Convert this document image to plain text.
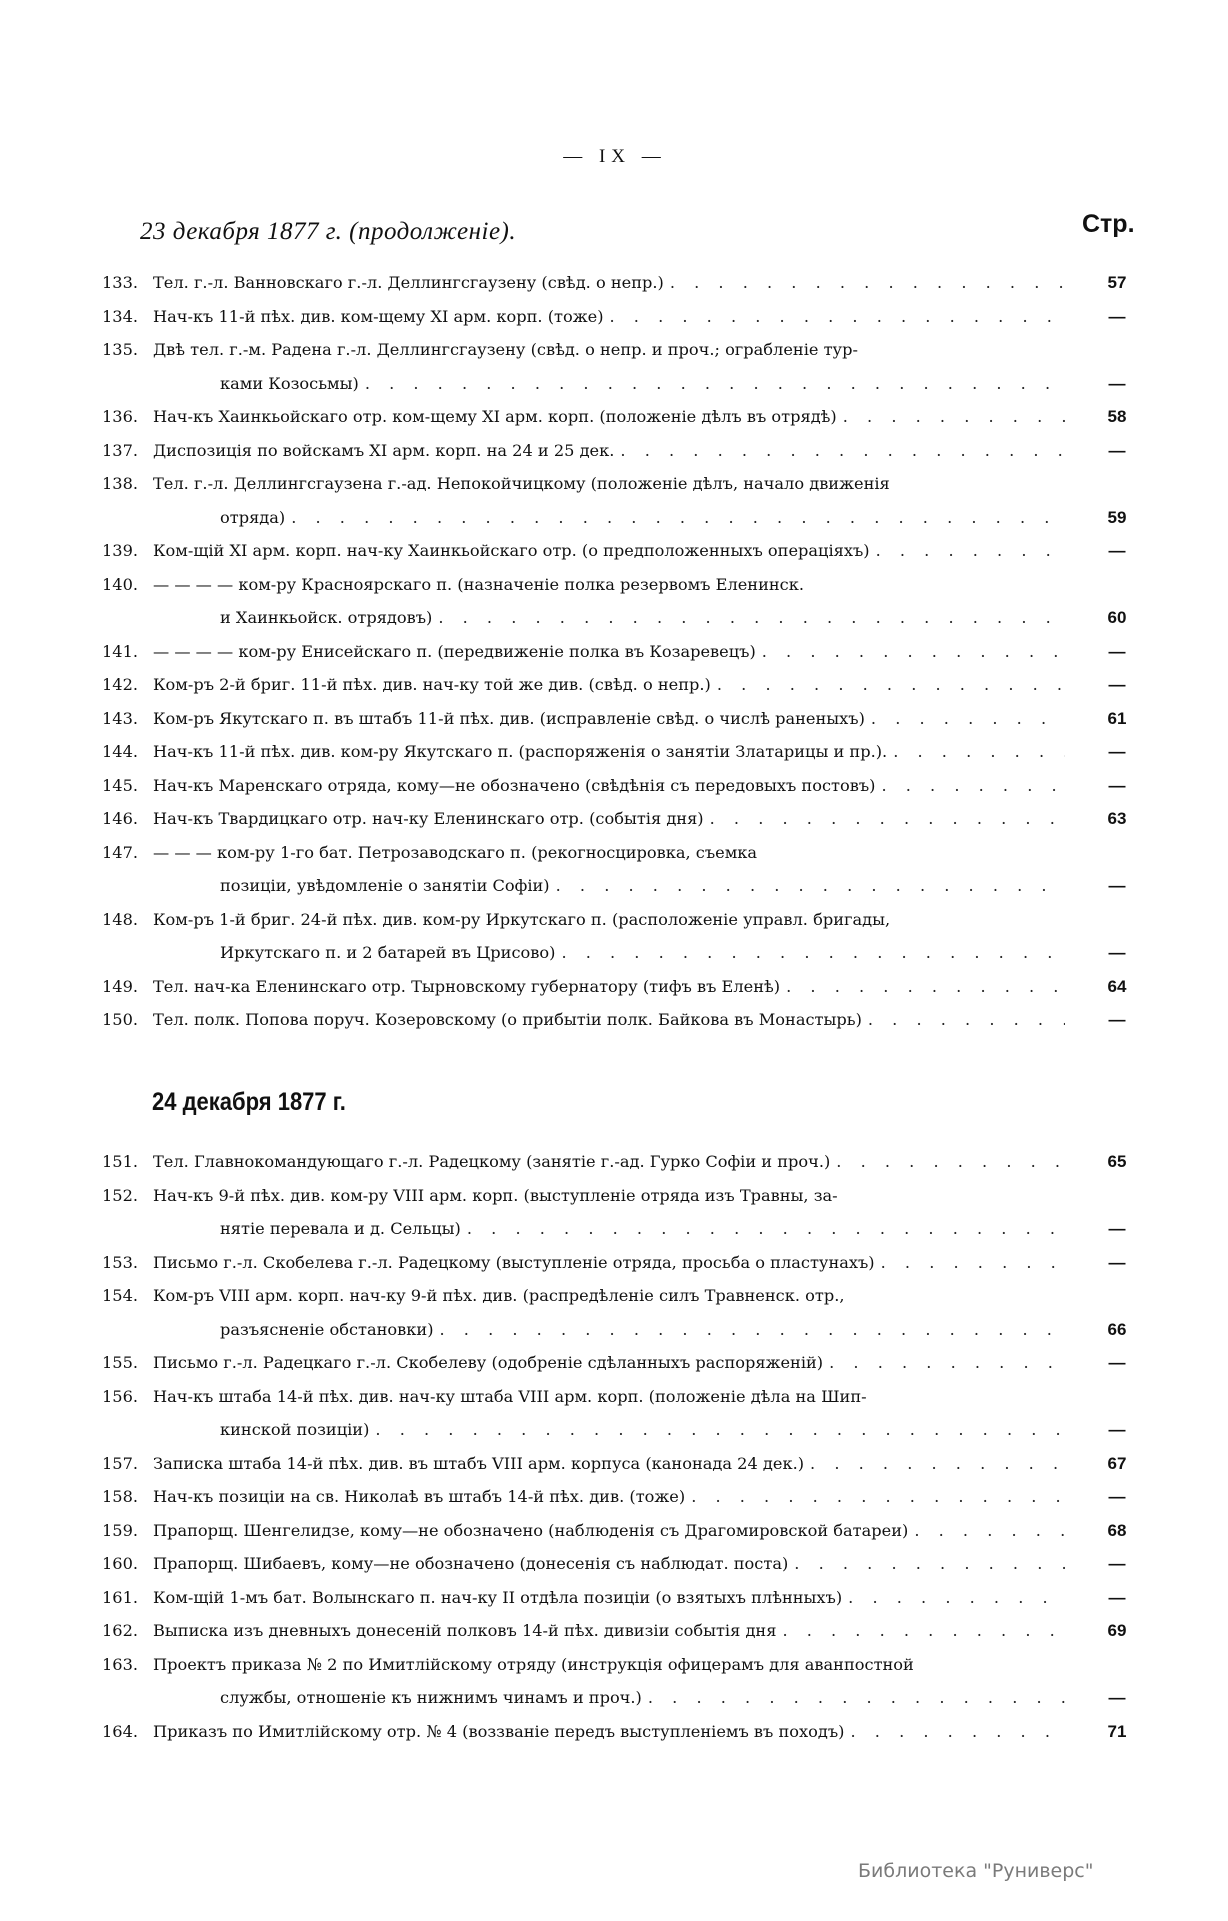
— IX —
23 декабря 1877 г. (продолженіе).	Стр.
133. Тел. г.-л. Ванновскаго г.-л. Деллингсгаузену (свѣд. о непр.) . . .	57
134. Нач-къ 11-й пѣх. див. ком-щему XI арм. корп. (тоже) . . .	—
135. Двѣ тел. г.-м. Радена г.-л. Деллингсгаузену (свѣд. о непр. и проч.; ограбленіе тур-
ками Козосьмы) . . .	—
136. Нач-къ Хаинкьойскаго отр. ком-щему XI арм. корп. (положеніе дѣлъ въ отрядѣ) . . .	58
137. Диспозиція по войскамъ XI арм. корп. на 24 и 25 дек. . . .	—
138. Тел. г.-л. Деллингсгаузена г.-ад. Непокойчицкому (положеніе дѣлъ, начало движенія
отряда) . . .	59
139. Ком-щій XI арм. корп. нач-ку Хаинкьойскаго отр. (о предположенныхъ операціяхъ) . . .	—
140. — — — — ком-ру Красноярскаго п. (назначеніе полка резервомъ Еленинск.
и Хаинкьойск. отрядовъ) . . .	60
141. — — — — ком-ру Енисейскаго п. (передвиженіе полка въ Козаревецъ) . . .	—
142. Ком-ръ 2-й бриг. 11-й пѣх. див. нач-ку той же див. (свѣд. о непр.) . . .	—
143. Ком-ръ Якутскаго п. въ штабъ 11-й пѣх. див. (исправленіе свѣд. о числѣ раненыхъ) . . .	61
144. Нач-къ 11-й пѣх. див. ком-ру Якутскаго п. (распоряженія о занятіи Златарицы и пр.). . . .	—
145. Нач-къ Маренскаго отряда, кому—не обозначено (свѣдѣнія съ передовыхъ постовъ) . . .	—
146. Нач-къ Твардицкаго отр. нач-ку Еленинскаго отр. (событія дня) . . .	63
147. — — — ком-ру 1-го бат. Петрозаводскаго п. (рекогносцировка, съемка
позиціи, увѣдомленіе о занятіи Софіи) . . .	—
148. Ком-ръ 1-й бриг. 24-й пѣх. див. ком-ру Иркутскаго п. (расположеніе управл. бригады,
Иркутскаго п. и 2 батарей въ Црисово) . . .	—
149. Тел. нач-ка Еленинскаго отр. Тырновскому губернатору (тифъ въ Еленѣ) . . .	64
150. Тел. полк. Попова поруч. Козеровскому (о прибытіи полк. Байкова въ Монастырь) . . .	—
24 декабря 1877 г.
151. Тел. Главнокомандующаго г.-л. Радецкому (занятіе г.-ад. Гурко Софіи и проч.) . . .	65
152. Нач-къ 9-й пѣх. див. ком-ру VIII арм. корп. (выступленіе отряда изъ Травны, за-
нятіе перевала и д. Сельцы) . . .	—
153. Письмо г.-л. Скобелева г.-л. Радецкому (выступленіе отряда, просьба о пластунахъ) . . .	—
154. Ком-ръ VIII арм. корп. нач-ку 9-й пѣх. див. (распредѣленіе силъ Травненск. отр.,
разъясненіе обстановки) . . .	66
155. Письмо г.-л. Радецкаго г.-л. Скобелеву (одобреніе сдѣланныхъ распоряженій) . . .	—
156. Нач-къ штаба 14-й пѣх. див. нач-ку штаба VIII арм. корп. (положеніе дѣла на Шип-
кинской позиціи) . . .	—
157. Записка штаба 14-й пѣх. див. въ штабъ VIII арм. корпуса (канонада 24 дек.) . . .	67
158. Нач-къ позиціи на св. Николаѣ въ штабъ 14-й пѣх. див. (тоже) . . .	—
159. Прапорщ. Шенгелидзе, кому—не обозначено (наблюденія съ Драгомировской батареи) . . .	68
160. Прапорщ. Шибаевъ, кому—не обозначено (донесенія съ наблюдат. поста) . . .	—
161. Ком-щій 1-мъ бат. Волынскаго п. нач-ку II отдѣла позиціи (о взятыхъ плѣнныхъ) . . .	—
162. Выписка изъ дневныхъ донесеній полковъ 14-й пѣх. дивизіи событія дня . . .	69
163. Проектъ приказа № 2 по Имитлійскому отряду (инструкція офицерамъ для аванпостной
службы, отношеніе къ нижнимъ чинамъ и проч.) . . .	—
164. Приказъ по Имитлійскому отр. № 4 (воззваніе передъ выступленіемъ въ походъ) . . .	71
Библиотека "Руниверс"
